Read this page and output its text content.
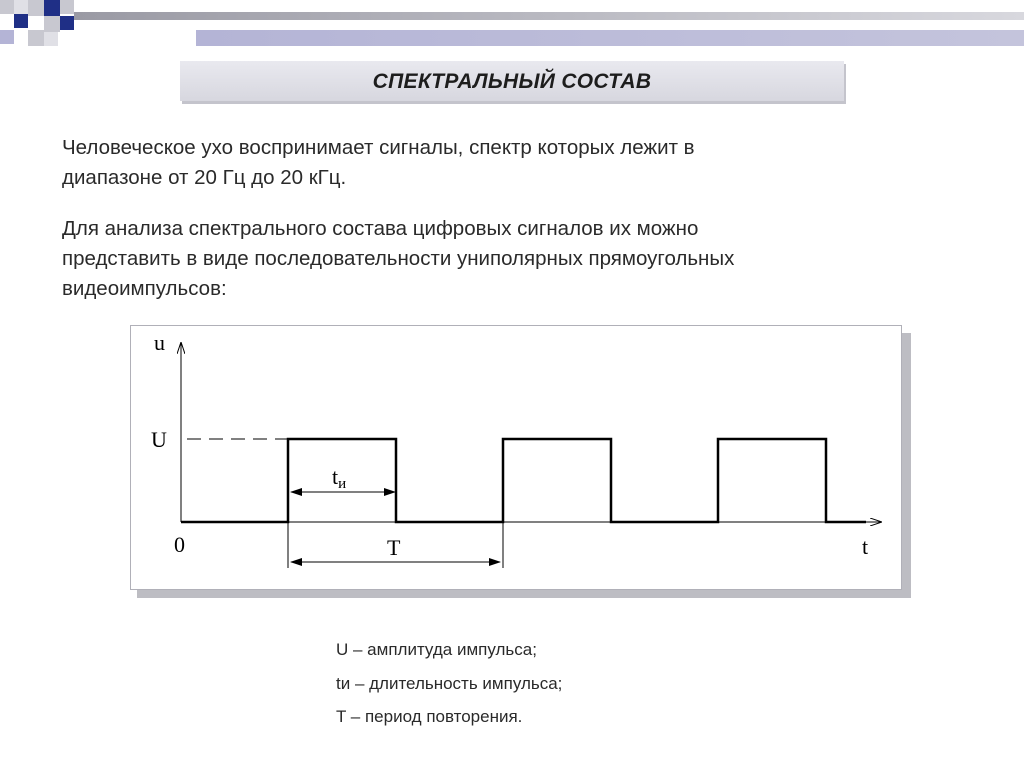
СПЕКТРАЛЬНЫЙ СОСТАВ
Человеческое ухо воспринимает сигналы, спектр которых лежит в
диапазоне от 20 Гц до 20 кГц.
Для анализа спектрального состава цифровых сигналов их можно
представить в виде последовательности униполярных прямоугольных
видеоимпульсов:
u
U
0	t
tи
T
U – амплитуда импульса;
tи – длительность импульса;
T – период повторения.
